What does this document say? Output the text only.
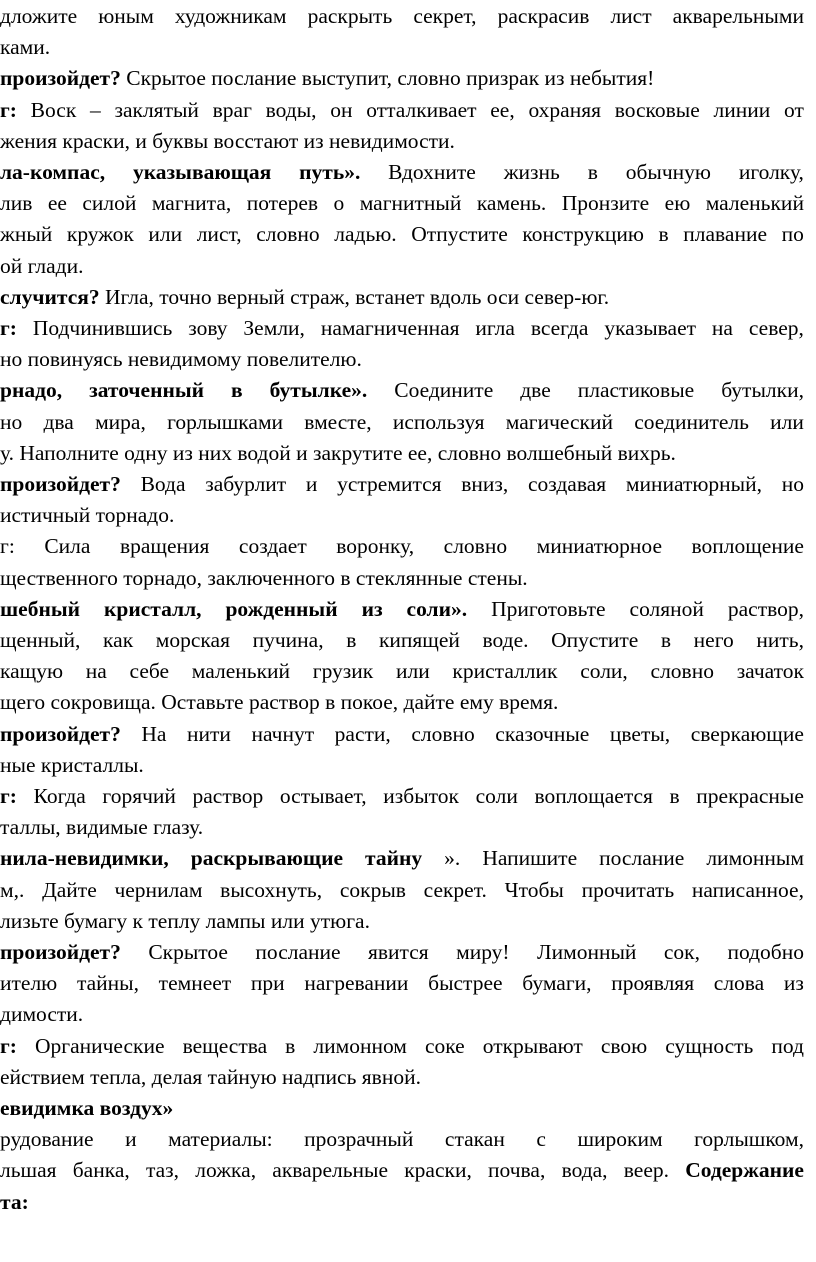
дложите юным художникам раскрыть секрет, раскрасив лист акварельными
ками.
произойдет? Скрытое послание выступит, словно призрак из небытия!
г: Воск – заклятый враг воды, он отталкивает ее, охраняя восковые линии от
жения краски, и буквы восстают из невидимости.
ла-компас, указывающая путь». Вдохните жизнь в обычную иголку,
лив ее силой магнита, потерев о магнитный камень. Пронзите ею маленький
жный кружок или лист, словно ладью. Отпустите конструкцию в плавание по
ой глади.
случится? Игла, точно верный страж, встанет вдоль оси север-юг.
г: Подчинившись зову Земли, намагниченная игла всегда указывает на север,
но повинуясь невидимому повелителю.
рнадо, заточенный в бутылке». Соедините две пластиковые бутылки,
но два мира, горлышками вместе, используя магический соединитель или
у. Наполните одну из них водой и закрутите ее, словно волшебный вихрь.
произойдет? Вода забурлит и устремится вниз, создавая миниатюрный, но
истичный торнадо.
г: Сила вращения создает воронку, словно миниатюрное воплощение
щественного торнадо, заключенного в стеклянные стены.
шебный кристалл, рожденный из соли». Приготовьте соляной раствор,
щенный, как морская пучина, в кипящей воде. Опустите в него нить,
кащую на себе маленький грузик или кристаллик соли, словно зачаток
щего сокровища. Оставьте раствор в покое, дайте ему время.
произойдет? На нити начнут расти, словно сказочные цветы, сверкающие
ные кристаллы.
г: Когда горячий раствор остывает, избыток соли воплощается в прекрасные
таллы, видимые глазу.
нила-невидимки, раскрывающие тайну ». Напишите послание лимонным
м,. Дайте чернилам высохнуть, сокрыв секрет. Чтобы прочитать написанное,
лизьте бумагу к теплу лампы или утюга.
произойдет? Скрытое послание явится миру! Лимонный сок, подобно
ителю тайны, темнеет при нагревании быстрее бумаги, проявляя слова из
димости.
г: Органические вещества в лимонном соке открывают свою сущность под
ействием тепла, делая тайную надпись явной.
евидимка воздух»
рудование и материалы: прозрачный стакан с широким горлышком,
льшая банка, таз, ложка, акварельные краски, почва, вода, веер. Содержание
та:
